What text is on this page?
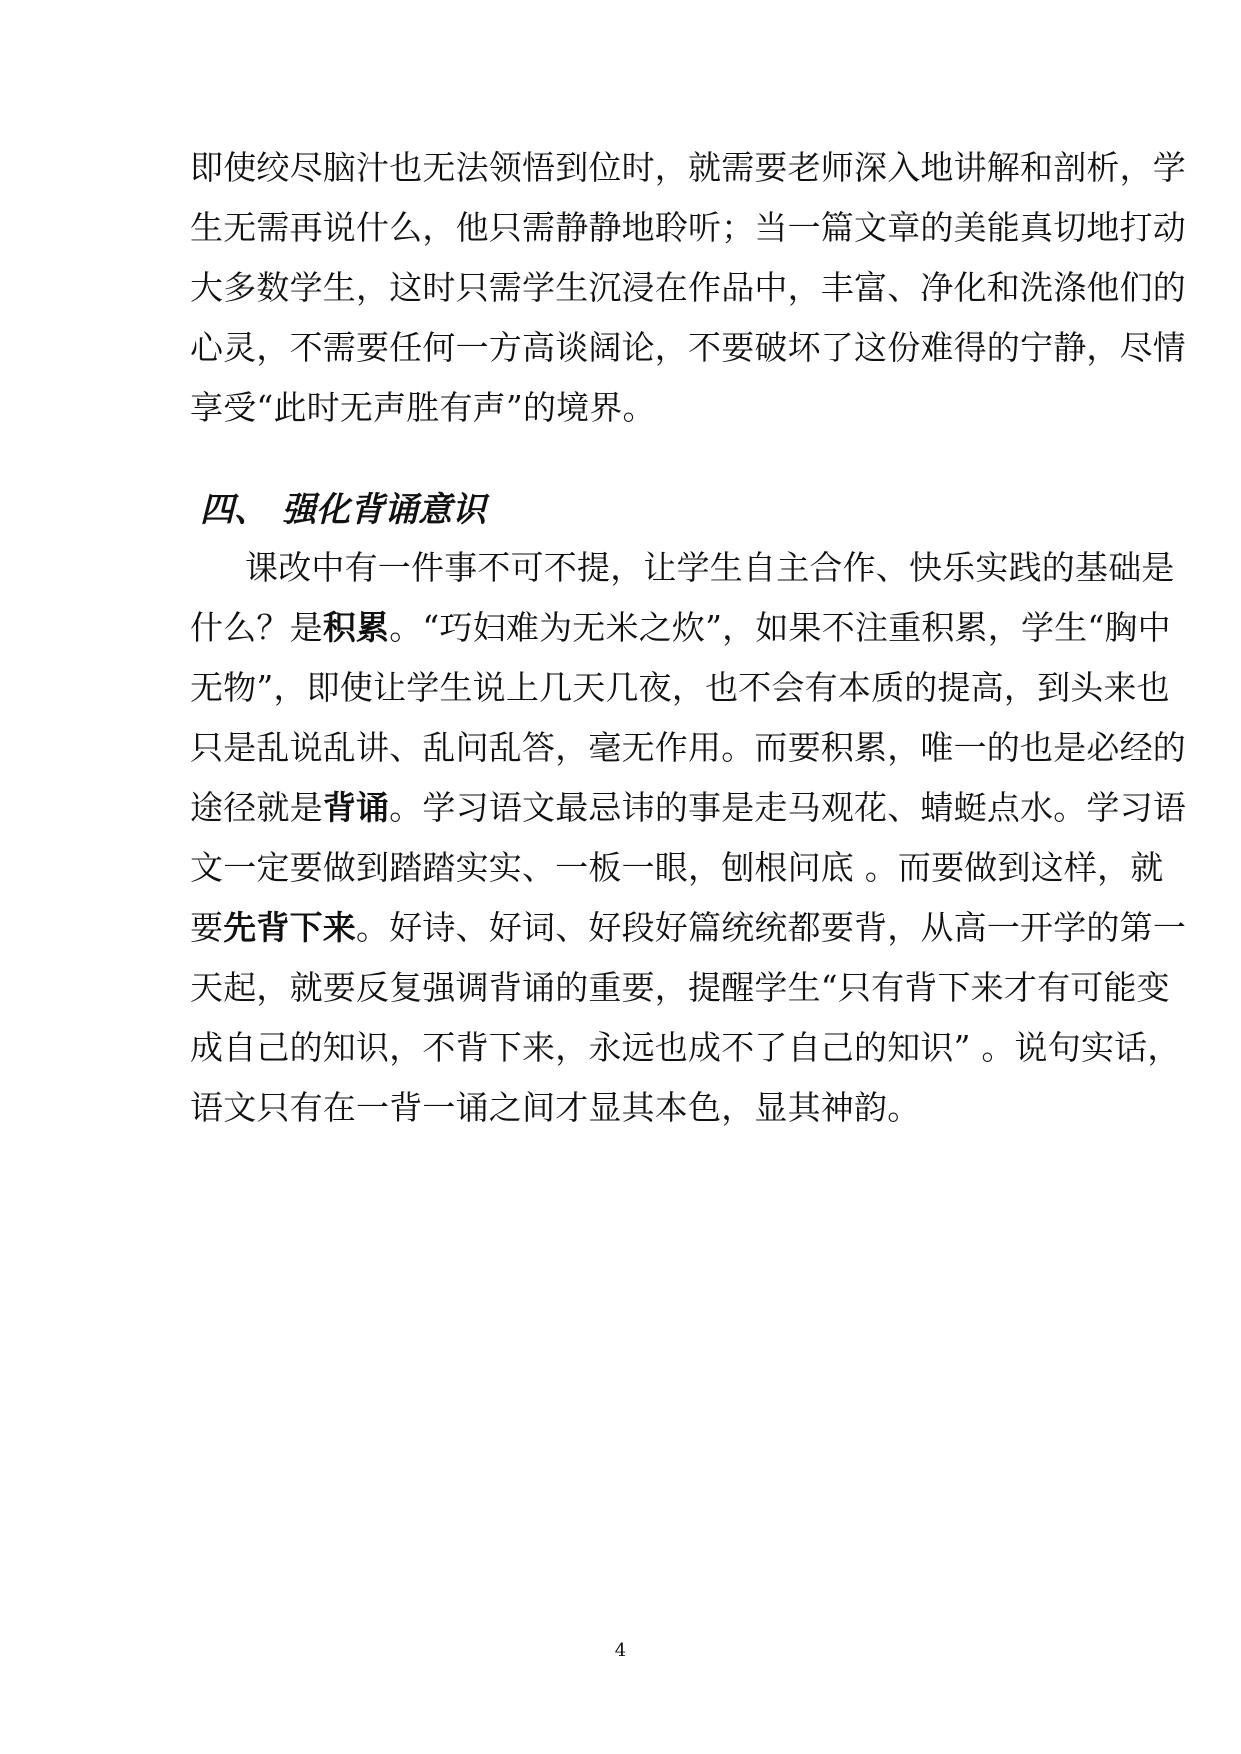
即使绞尽脑汁也无法领悟到位时，就需要老师深入地讲解和剖析，学
生无需再说什么，他只需静静地聆听；当一篇文章的美能真切地打动
大多数学生，这时只需学生沉浸在作品中，丰富、净化和洗涤他们的
心灵，不需要任何一方高谈阔论，不要破坏了这份难得的宁静，尽情
享受“此时无声胜有声”的境界。
四、 强化背诵意识
课改中有一件事不可不提，让学生自主合作、快乐实践的基础是
什么？是积累。“巧妇难为无米之炊”，如果不注重积累，学生“胸中
无物”，即使让学生说上几天几夜，也不会有本质的提高，到头来也
只是乱说乱讲、乱问乱答，毫无作用。而要积累，唯一的也是必经的
途径就是背诵。学习语文最忌讳的事是走马观花、蜻蜓点水。学习语
文一定要做到踏踏实实、一板一眼，刨根问底 。而要做到这样，就
要先背下来。好诗、好词、好段好篇统统都要背，从高一开学的第一
天起，就要反复强调背诵的重要，提醒学生“只有背下来才有可能变
成自己的知识，不背下来，永远也成不了自己的知识” 。说句实话，
语文只有在一背一诵之间才显其本色，显其神韵。
4
